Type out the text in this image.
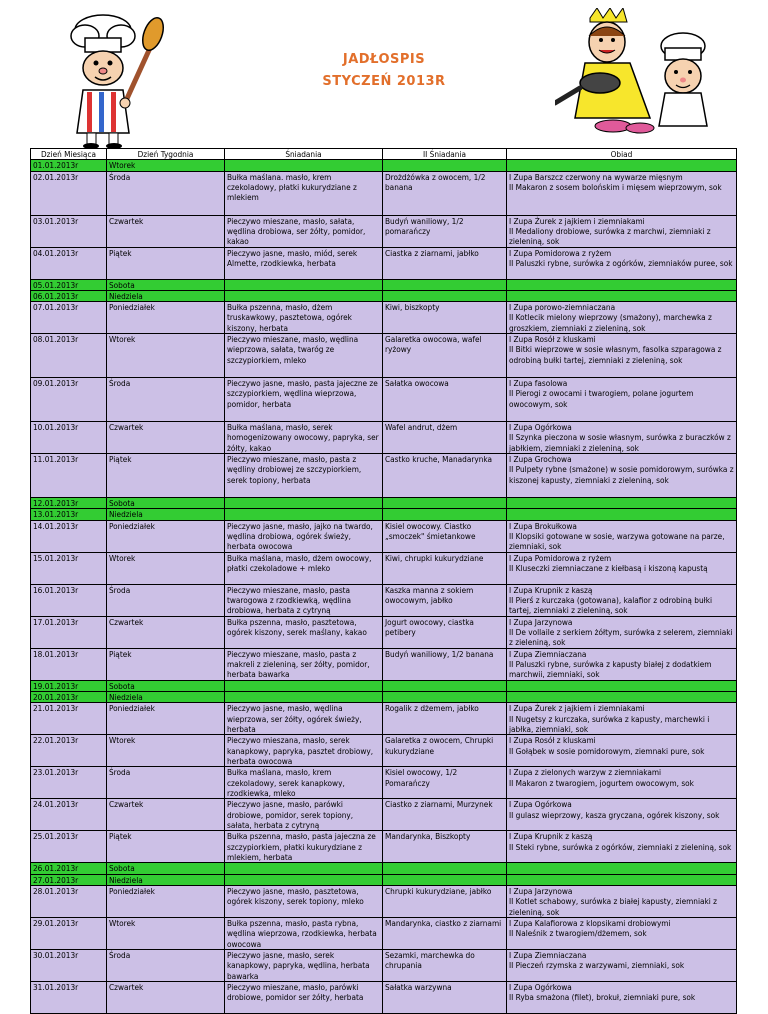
JADŁOSPIS
STYCZEŃ 2013R
Dzień Miesiąca	Dzień Tygodnia	Śniadania	II Śniadania	Obiad
01.01.2013r	Wtorek			
02.01.2013r	Środa	Bułka maślana. masło, krem czekoladowy, płatki kukurydziane z mlekiem	Drożdżówka z owocem, 1/2 banana	I Zupa Barszcz czerwony na wywarze mięsnym
II Makaron z sosem bolońskim i mięsem wieprzowym, sok
03.01.2013r	Czwartek	Pieczywo mieszane, masło, sałata, wędlina drobiowa, ser żółty, pomidor, kakao	Budyń waniliowy, 1/2 pomarańczy	I Zupa Żurek z jajkiem i ziemniakami
II Medaliony drobiowe, surówka z marchwi, ziemniaki z zieleniną, sok
04.01.2013r	Piątek	Pieczywo jasne, masło, miód, serek Almette, rzodkiewka, herbata	Ciastka z ziarnami, jabłko	I Zupa Pomidorowa z ryżem
II Paluszki rybne, surówka z ogórków, ziemniaków puree, sok
05.01.2013r	Sobota			
06.01.2013r	Niedziela			
07.01.2013r	Poniedziałek	Bułka pszenna, masło, dżem truskawkowy, pasztetowa, ogórek kiszony, herbata	Kiwi, biszkopty	I Zupa porowo-ziemniaczana
II Kotlecik mielony wieprzowy (smażony), marchewka z groszkiem, ziemniaki z zieleniną, sok
08.01.2013r	Wtorek	Pieczywo mieszane, masło, wędlina wieprzowa, sałata, twaróg ze szczypiorkiem, mleko	Galaretka owocowa, wafel ryżowy	I Zupa Rosół z kluskami
II Bitki wieprzowe w sosie własnym, fasolka szparagowa z odrobiną bułki tartej, ziemniaki z zieleniną, sok
09.01.2013r	Środa	Pieczywo jasne, masło, pasta jajeczne ze szczypiorkiem, wędlina wieprzowa, pomidor, herbata	Sałatka owocowa	I Zupa fasolowa
II Pierogi z owocami i twarogiem, polane jogurtem owocowym, sok
10.01.2013r	Czwartek	Bułka maślana, masło, serek homogenizowany owocowy, papryka, ser żółty, kakao	Wafel andrut, dżem	I Zupa Ogórkowa
II Szynka pieczona w sosie własnym, surówka z buraczków z jabłkiem, ziemniaki z zieleniną, sok
11.01.2013r	Piątek	Pieczywo mieszane, masło, pasta z wędliny drobiowej ze szczypiorkiem, serek topiony, herbata	Castko kruche, Manadarynka	I Zupa Grochowa
II Pulpety rybne (smażone) w sosie pomidorowym, surówka z kiszonej kapusty, ziemniaki z zieleniną, sok
12.01.2013r	Sobota			
13.01.2013r	Niedziela			
14.01.2013r	Poniedziałek	Pieczywo jasne, masło, jajko na twardo, wędlina drobiowa, ogórek świeży, herbata owocowa	Kisiel owocowy. Ciastko „smoczek" śmietankowe	I Zupa Brokułkowa
II Klopsiki gotowane w sosie, warzywa gotowane na parze, ziemniaki, sok
15.01.2013r	Wtorek	Bułka maślana, masło, dżem owocowy, płatki czekoladowe + mleko	Kiwi, chrupki kukurydziane	I Zupa Pomidorowa z ryżem
II Kluseczki ziemniaczane z kiełbasą i kiszoną kapustą
16.01.2013r	Środa	Pieczywo mieszane, masło, pasta twarogowa z rzodkiewką, wędlina drobiowa, herbata z cytryną	Kaszka manna z sokiem owocowym, jabłko	I Zupa Krupnik z kaszą
II Pierś z kurczaka (gotowana), kalafior z odrobiną bułki tartej, ziemniaki z zieleniną, sok
17.01.2013r	Czwartek	Bułka pszenna, masło, pasztetowa, ogórek kiszony, serek maślany, kakao	Jogurt owocowy, ciastka petibery	I Zupa Jarzynowa
II De vollaile z serkiem żółtym, surówka z selerem, ziemniaki z zieleniną, sok
18.01.2013r	Piątek	Pieczywo mieszane, masło, pasta z makreli z zieleniną, ser żółty, pomidor, herbata bawarka	Budyń waniliowy, 1/2 banana	I Zupa Ziemniaczana
II Paluszki rybne, surówka z kapusty białej z dodatkiem marchwii, ziemniaki, sok
19.01.2013r	Sobota			
20.01.2013r	Niedziela			
21.01.2013r	Poniedziałek	Pieczywo jasne, masło, wędlina wieprzowa, ser żółty, ogórek świeży, herbata	Rogalik z dżemem, jabłko	I Zupa Żurek z jajkiem i ziemniakami
II Nugetsy z kurczaka, surówka z kapusty, marchewki i jabłka, ziemniaki, sok
22.01.2013r	Wtorek	Pieczywo mieszana, masło, serek kanapkowy, papryka, pasztet drobiowy, herbata owocowa	Galaretka z owocem, Chrupki kukurydziane	I Zupa Rosół z kluskami
II Gołąbek w sosie pomidorowym, ziemnaki pure, sok
23.01.2013r	Środa	Bułka maślana, masło, krem czekoladowy, serek kanapkowy, rzodkiewka, mleko	Kisiel owocowy, 1/2 Pomarańczy	I Zupa z zielonych warzyw z ziemniakami
II Makaron z twarogiem, jogurtem owocowym, sok
24.01.2013r	Czwartek	Pieczywo jasne, masło, parówki drobiowe, pomidor, serek topiony, sałata, herbata z cytryną	Ciastko z ziarnami, Murzynek	I Zupa Ogórkowa
II gulasz wieprzowy, kasza gryczana, ogórek kiszony, sok
25.01.2013r	Piątek	Bułka pszenna, masło, pasta jajeczna ze szczypiorkiem, płatki kukurydziane z mlekiem, herbata	Mandarynka, Biszkopty	I Zupa Krupnik z kaszą
II Steki rybne, surówka z ogórków, ziemniaki z zieleniną, sok
26.01.2013r	Sobota			
27.01.2013r	Niedziela			
28.01.2013r	Poniedziałek	Pieczywo jasne, masło, pasztetowa, ogórek kiszony, serek topiony, mleko	Chrupki kukurydziane, jabłko	I Zupa Jarzynowa
II Kotlet schabowy, surówka z białej kapusty, ziemniaki z zieleniną, sok
29.01.2013r	Wtorek	Bułka pszenna, masło, pasta rybna, wędlina wieprzowa, rzodkiewka, herbata owocowa	Mandarynka, ciastko z ziarnami	I Zupa Kalafiorowa z klopsikami drobiowymi
II Naleśnik z twarogiem/dżemem, sok
30.01.2013r	Środa	Pieczywo jasne, masło, serek kanapkowy, papryka, wędlina, herbata bawarka	Sezamki, marchewka do chrupania	I Zupa Ziemniaczana
II Pieczeń rzymska z warzywami, ziemniaki, sok
31.01.2013r	Czwartek	Pieczywo mieszane, masło, parówki drobiowe, pomidor ser żółty, herbata	Sałatka warzywna	I Zupa Ogórkowa
II Ryba smażona (filet), brokuł, ziemniaki pure, sok
